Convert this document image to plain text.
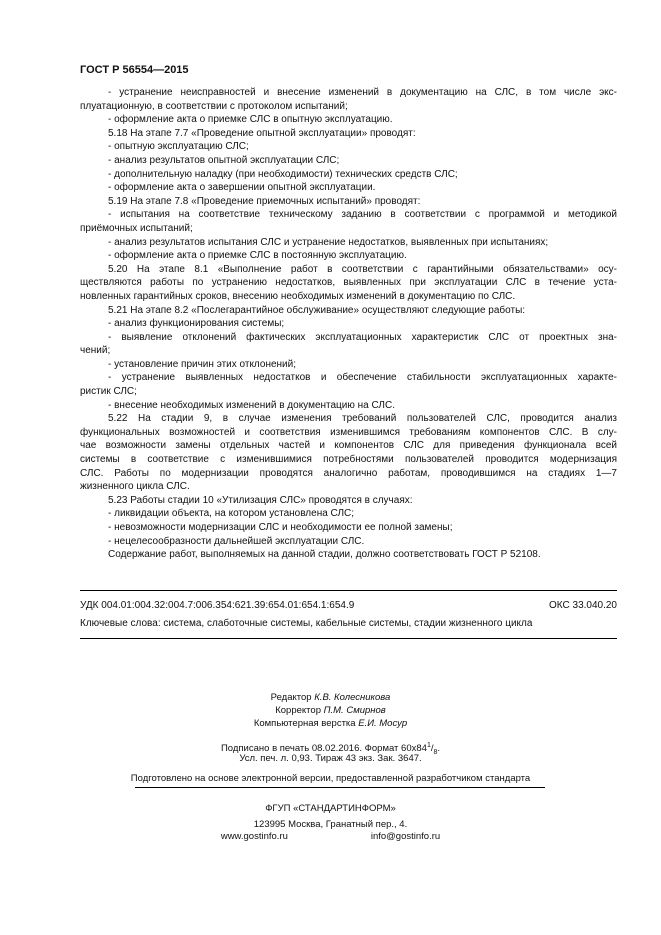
ГОСТ Р 56554—2015
- устранение неисправностей и внесение изменений в документацию на СЛС, в том числе экс-
плуатационную, в соответствии с протоколом испытаний;
- оформление акта о приемке СЛС в опытную эксплуатацию.
5.18 На этапе 7.7 «Проведение опытной эксплуатации» проводят:
- опытную эксплуатацию СЛС;
- анализ результатов опытной эксплуатации СЛС;
- дополнительную наладку (при необходимости) технических средств СЛС;
- оформление акта о завершении опытной эксплуатации.
5.19 На этапе 7.8 «Проведение приемочных испытаний» проводят:
- испытания на соответствие техническому заданию в соответствии с программой и методикой
приёмочных испытаний;
- анализ результатов испытания СЛС и устранение недостатков, выявленных при испытаниях;
- оформление акта о приемке СЛС в постоянную эксплуатацию.
5.20 На этапе 8.1 «Выполнение работ в соответствии с гарантийными обязательствами» осу-
ществляются работы по устранению недостатков, выявленных при эксплуатации СЛС в течение уста-
новленных гарантийных сроков, внесению необходимых изменений в документацию по СЛС.
5.21 На этапе 8.2 «Послегарантийное обслуживание» осуществляют следующие работы:
- анализ функционирования системы;
- выявление отклонений фактических эксплуатационных характеристик СЛС от проектных зна-
чений;
- установление причин этих отклонений;
- устранение выявленных недостатков и обеспечение стабильности эксплуатационных характе-
ристик СЛС;
- внесение необходимых изменений в документацию на СЛС.
5.22 На стадии 9, в случае изменения требований пользователей СЛС, проводится анализ
функциональных возможностей и соответствия изменившимся требованиям компонентов СЛС. В слу-
чае возможности замены отдельных частей и компонентов СЛС для приведения функционала всей
системы в соответствие с изменившимися потребностями пользователей проводится модернизация
СЛС. Работы по модернизации проводятся аналогично работам, проводившимся на стадиях 1—7
жизненного цикла СЛС.
5.23 Работы стадии 10 «Утилизация СЛС» проводятся в случаях:
- ликвидации объекта, на котором установлена СЛС;
- невозможности модернизации СЛС и необходимости ее полной замены;
- нецелесообразности дальнейшей эксплуатации СЛС.
Содержание работ, выполняемых на данной стадии, должно соответствовать ГОСТ Р 52108.
УДК 004.01:004.32:004.7:006.354:621.39:654.01:654.1:654.9	ОКС 33.040.20
Ключевые слова: система, слаботочные системы, кабельные системы, стадии жизненного цикла
Редактор К.В. Колесникова
Корректор П.М. Смирнов
Компьютерная верстка Е.И. Мосур
Подписано в печать 08.02.2016. Формат $60x84^1/_8$.
Усл. печ. л. 0,93. Тираж 43 экз. Зак. 3647.
Подготовлено на основе электронной версии, предоставленной разработчиком стандарта
ФГУП «СТАНДАРТИНФОРМ»
123995 Москва, Гранатный пер., 4.
www.gostinfo.ru	info@gostinfo.ru
